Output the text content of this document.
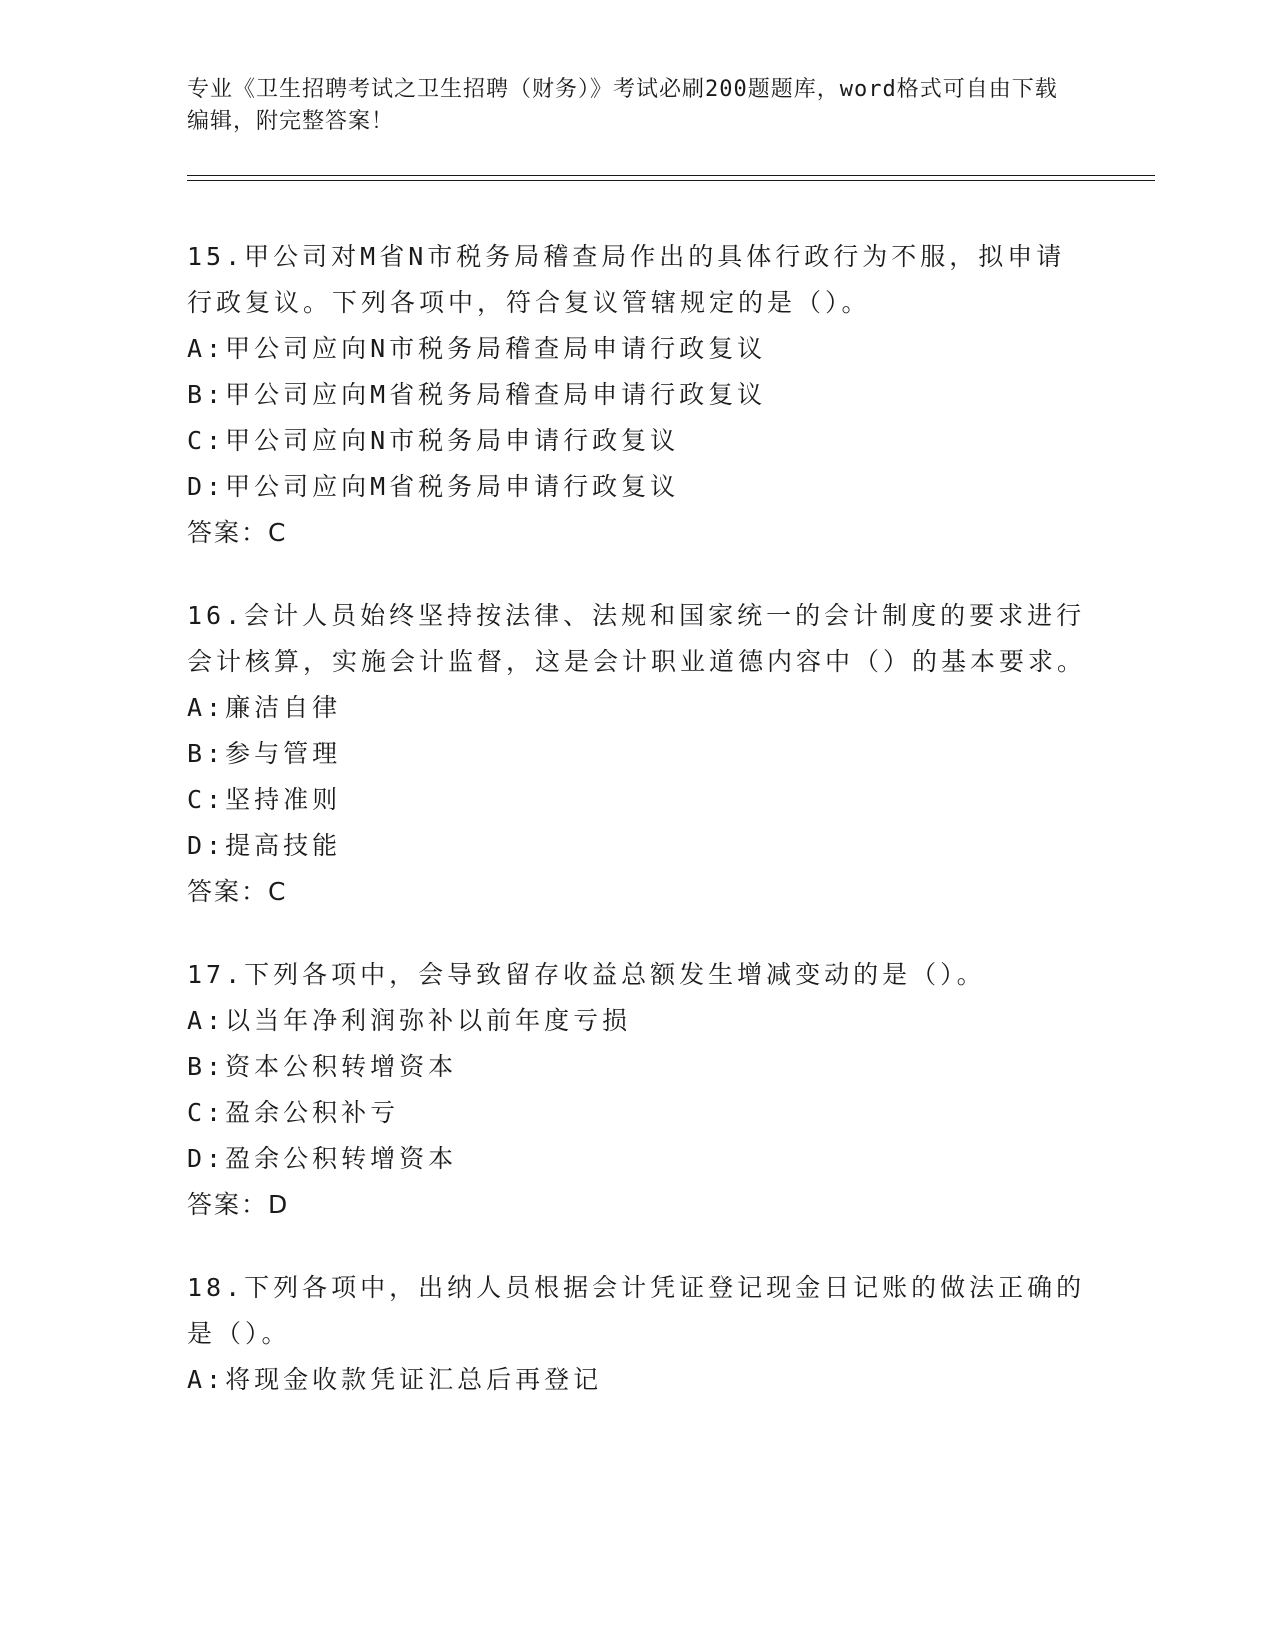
专业《卫生招聘考试之卫生招聘（财务）》考试必刷200题题库，word格式可自由下载编辑，附完整答案！

15.甲公司对M省N市税务局稽查局作出的具体行政行为不服，拟申请行政复议。下列各项中，符合复议管辖规定的是（）。

A:甲公司应向N市税务局稽查局申请行政复议
B:甲公司应向M省税务局稽查局申请行政复议
C:甲公司应向N市税务局申请行政复议
D:甲公司应向M省税务局申请行政复议
答案：C

16.会计人员始终坚持按法律、法规和国家统一的会计制度的要求进行会计核算，实施会计监督，这是会计职业道德内容中（）的基本要求。

A:廉洁自律
B:参与管理
C:坚持准则
D:提高技能
答案：C

17.下列各项中，会导致留存收益总额发生增减变动的是（）。

A:以当年净利润弥补以前年度亏损
B:资本公积转增资本
C:盈余公积补亏
D:盈余公积转增资本
答案：D

18.下列各项中，出纳人员根据会计凭证登记现金日记账的做法正确的是（）。

A:将现金收款凭证汇总后再登记
